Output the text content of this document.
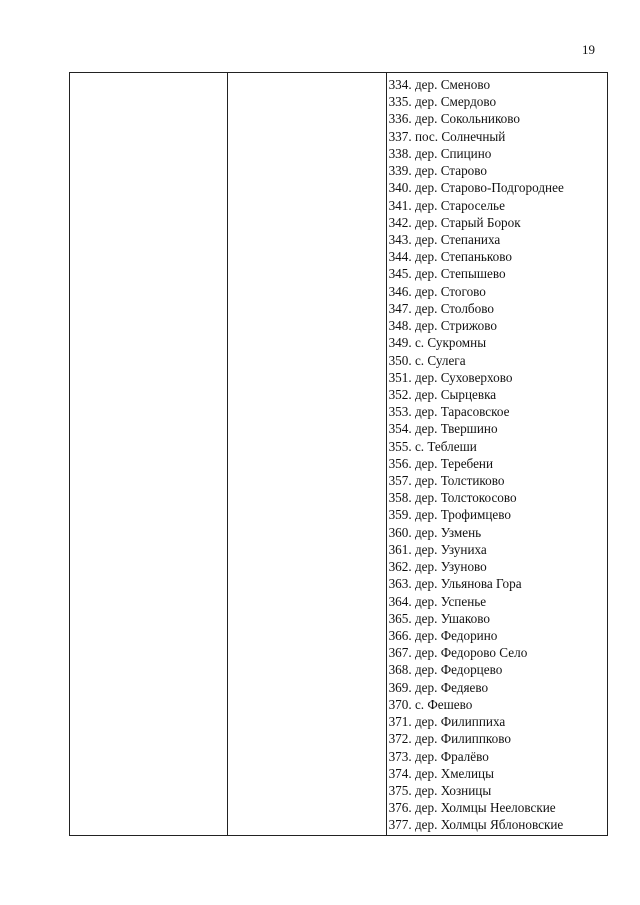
19

334. дер. Сменово
335. дер. Смердово
336. дер. Сокольниково
337. пос. Солнечный
338. дер. Спицино
339. дер. Старово
340. дер. Старово-Подгороднее
341. дер. Староселье
342. дер. Старый Борок
343. дер. Степаниха
344. дер. Степаньково
345. дер. Степышево
346. дер. Стогово
347. дер. Столбово
348. дер. Стрижово
349. с. Сукромны
350. с. Сулега
351. дер. Суховерхово
352. дер. Сырцевка
353. дер. Тарасовское
354. дер. Твершино
355. с. Теблеши
356. дер. Теребени
357. дер. Толстиково
358. дер. Толстокосово
359. дер. Трофимцево
360. дер. Узмень
361. дер. Узуниха
362. дер. Узуново
363. дер. Ульянова Гора
364. дер. Успенье
365. дер. Ушаково
366. дер. Федорино
367. дер. Федорово Село
368. дер. Федорцево
369. дер. Федяево
370. с. Фешево
371. дер. Филиппиха
372. дер. Филиппково
373. дер. Фралёво
374. дер. Хмелицы
375. дер. Хозницы
376. дер. Холмцы Нееловские
377. дер. Холмцы Яблоновские
